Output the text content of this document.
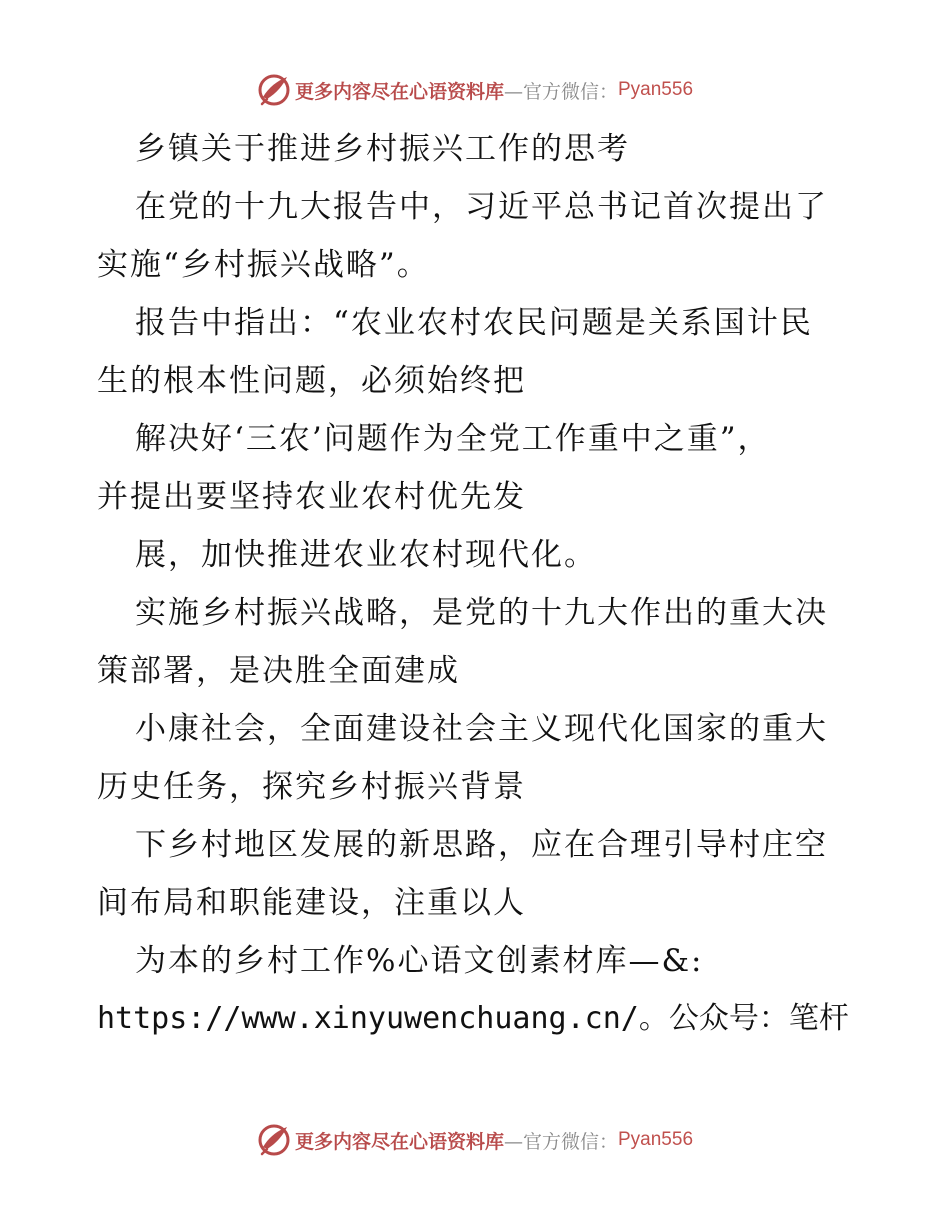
更多内容尽在心语资料库 —官方微信： Pyan556
乡镇关于推进乡村振兴工作的思考
在党的十九大报告中，习近平总书记首次提出了
实施“乡村振兴战略”。
报告中指出：“农业农村农民问题是关系国计民
生的根本性问题，必须始终把
解决好‘三农’问题作为全党工作重中之重”，
并提出要坚持农业农村优先发
展，加快推进农业农村现代化。
实施乡村振兴战略，是党的十九大作出的重大决
策部署，是决胜全面建成
小康社会，全面建设社会主义现代化国家的重大
历史任务，探究乡村振兴背景
下乡村地区发展的新思路，应在合理引导村庄空
间布局和职能建设，注重以人
为本的乡村工作%心语文创素材库—&:
https://www.xinyuwenchuang.cn/。公众号：笔杆
更多内容尽在心语资料库 —官方微信： Pyan556
